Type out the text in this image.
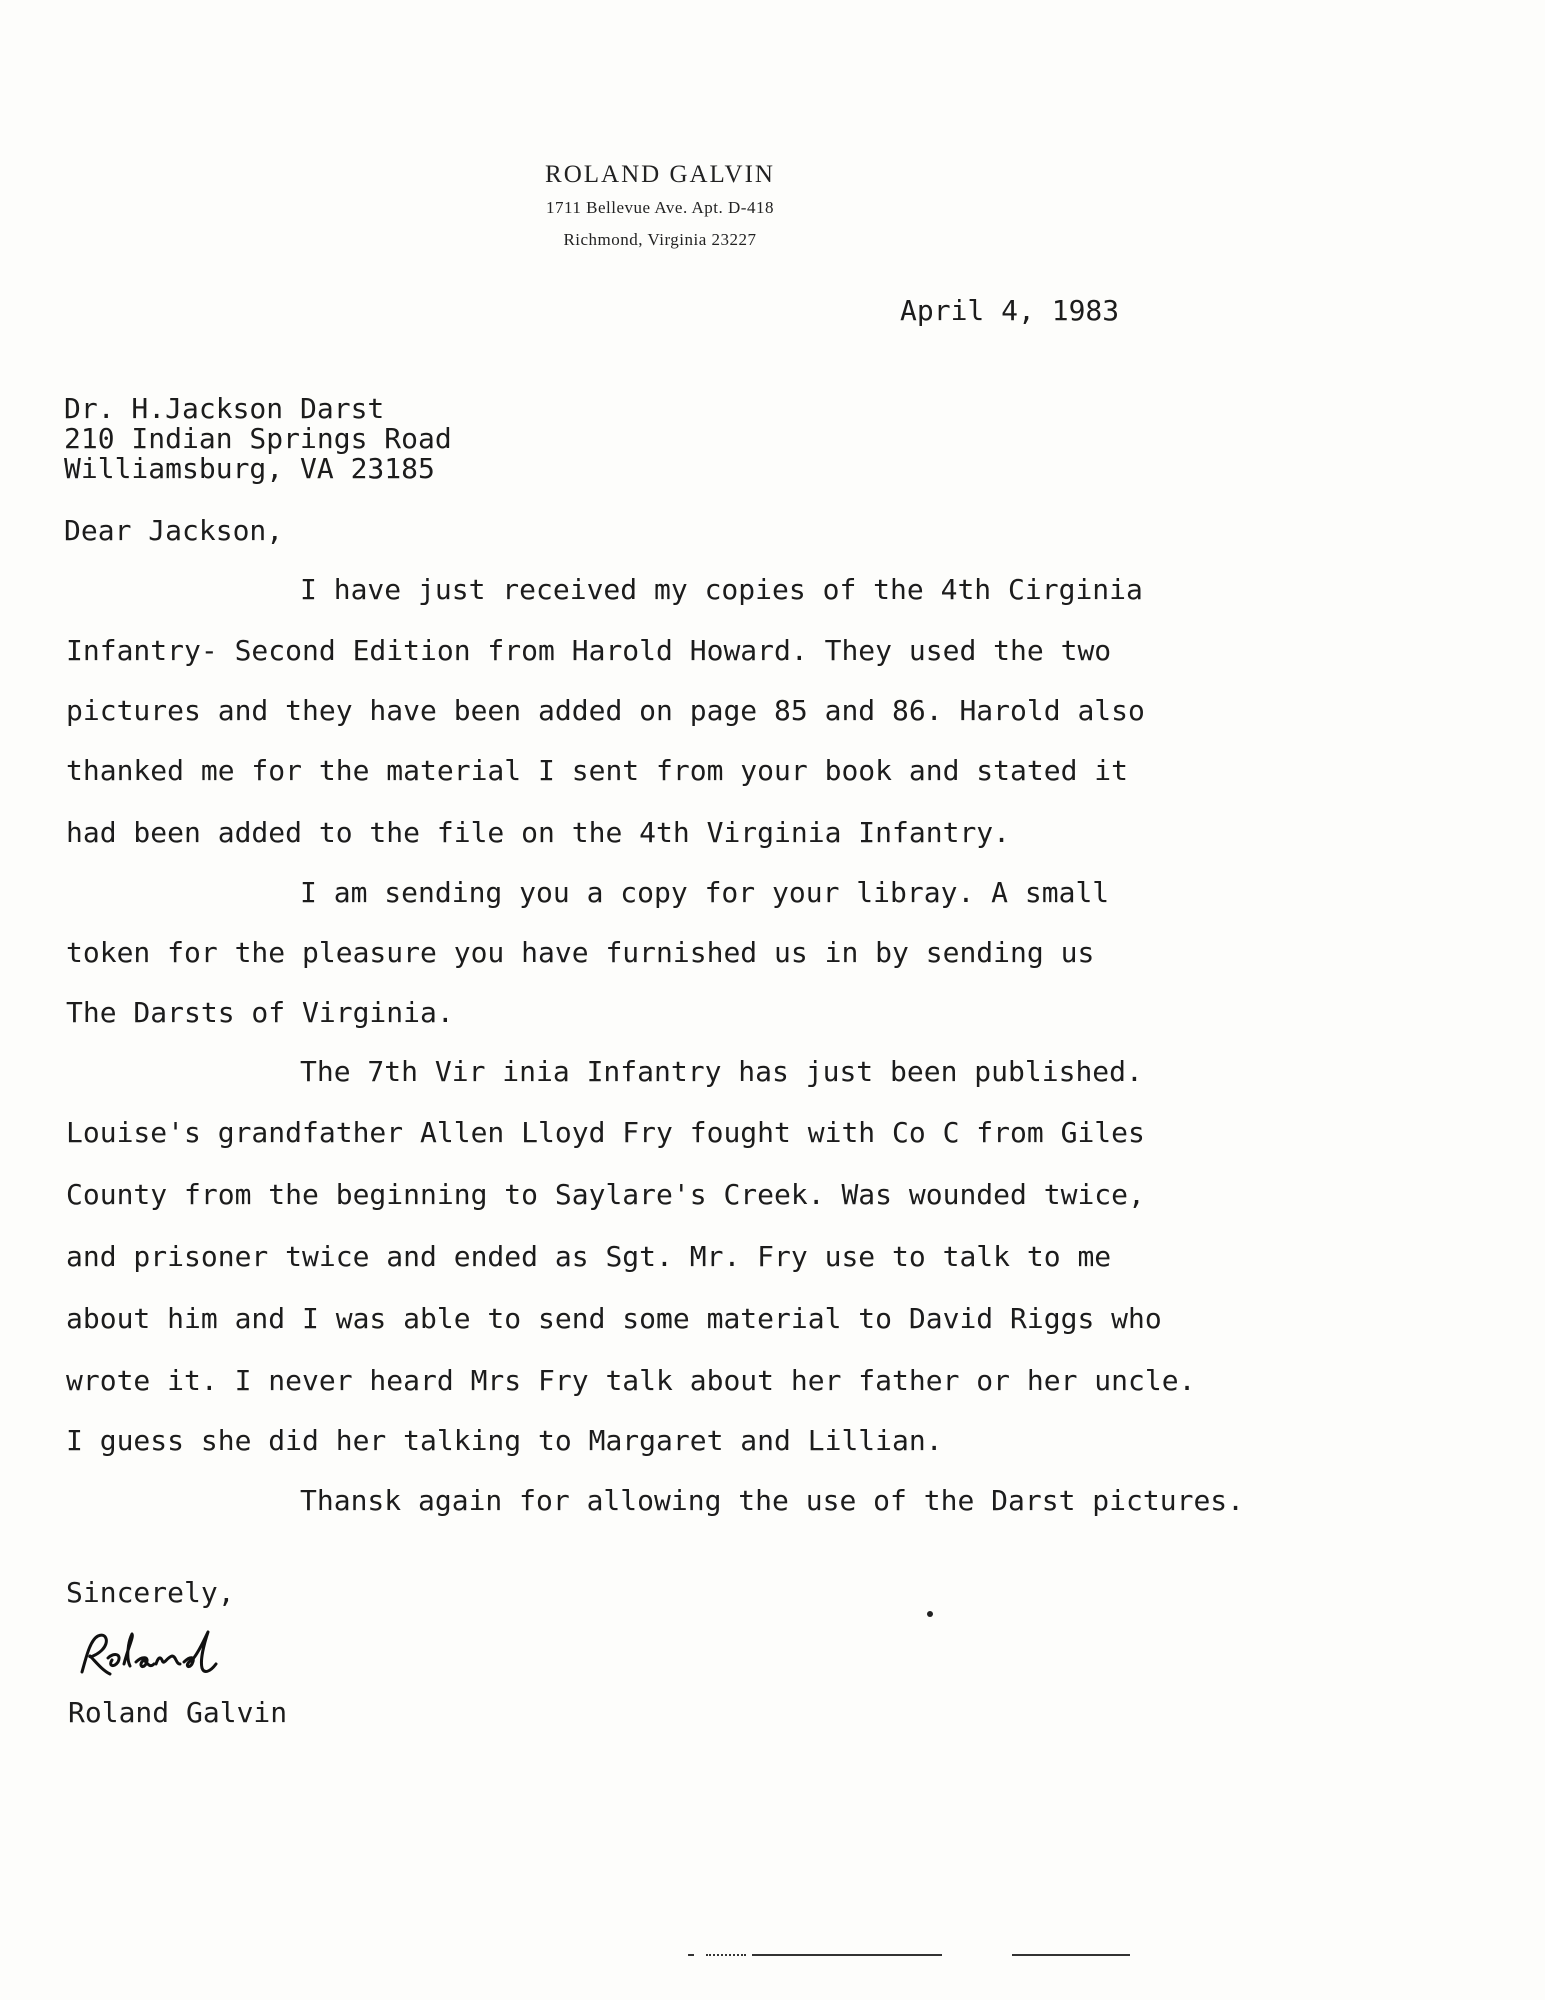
ROLAND GALVIN
1711 Bellevue Ave. Apt. D-418
Richmond, Virginia 23227
April 4, 1983
Dr. H.Jackson Darst
210 Indian Springs Road
Williamsburg, VA 23185
Dear Jackson,
I have just received my copies of the 4th Cirginia
Infantry- Second Edition from Harold Howard. They used the two
pictures and they have been added on page 85 and 86. Harold also
thanked me for the material I sent from your book and stated it
had been added to the file on the 4th Virginia Infantry.
I am sending you a copy for your libray. A small
token for the pleasure you have furnished us in by sending us
The Darsts of Virginia.
The 7th Vir inia Infantry has just been published.
Louise's grandfather Allen Lloyd Fry fought with Co C from Giles
County from the beginning to Saylare's Creek. Was wounded twice,
and prisoner twice and ended as Sgt. Mr. Fry use to talk to me
about him and I was able to send some material to David Riggs who
wrote it. I never heard Mrs Fry talk about her father or her uncle.
I guess she did her talking to Margaret and Lillian.
Thansk again for allowing the use of the Darst pictures.
Sincerely,
Roland Galvin
